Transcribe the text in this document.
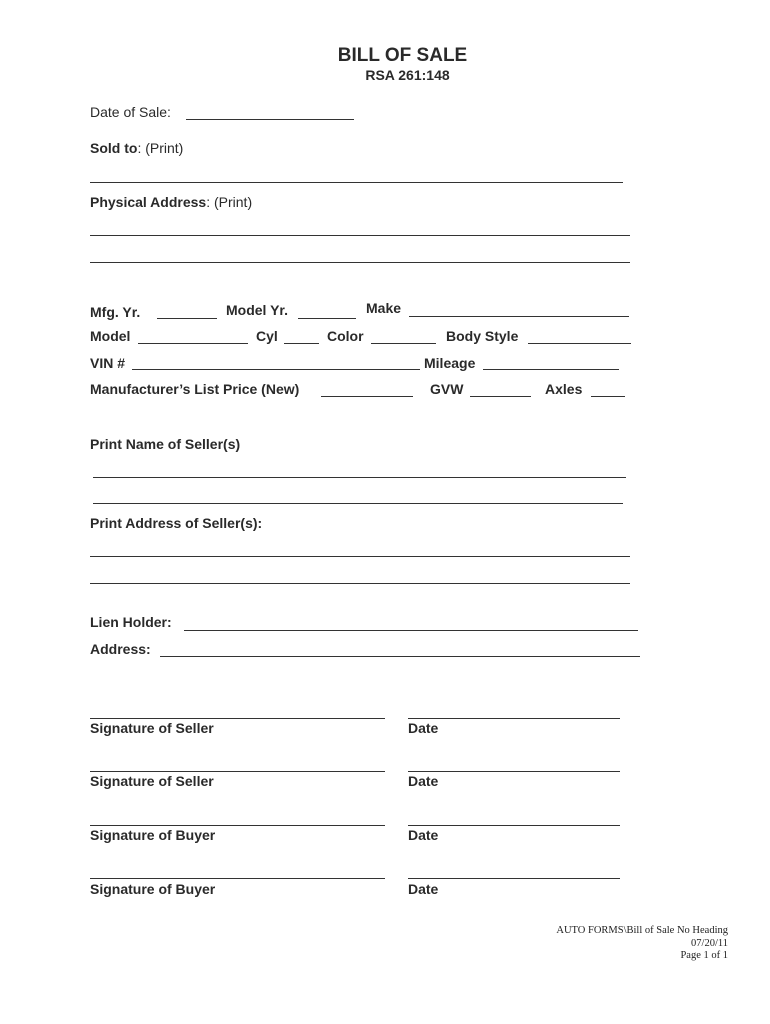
BILL OF SALE
RSA 261:148
Date of Sale:
Sold to: (Print)
Physical Address: (Print)
Mfg. Yr.	Model Yr.	Make
Model	Cyl	Color	Body Style
VIN #	Mileage
Manufacturer’s List Price (New)	GVW	Axles
Print Name of Seller(s)
Print Address of Seller(s):
Lien Holder:
Address:
Signature of Seller	Date
Signature of Seller	Date
Signature of Buyer	Date
Signature of Buyer	Date
AUTO FORMS\Bill of Sale No Heading
07/20/11
Page 1 of 1
